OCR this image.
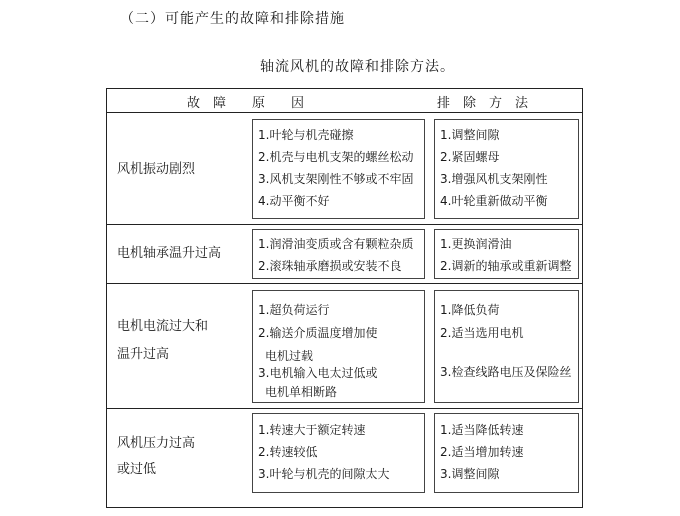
（二）可能产生的故障和排除措施
轴流风机的故障和排除方法。
故　障　　原　　因	排　除　方　法
风机振动剧烈
1.叶轮与机壳碰擦
2.机壳与电机支架的螺丝松动
3.风机支架刚性不够或不牢固
4.动平衡不好
1.调整间隙
2.紧固螺母
3.增强风机支架刚性
4.叶轮重新做动平衡
电机轴承温升过高
1.润滑油变质或含有颗粒杂质
2.滚珠轴承磨损或安装不良
1.更换润滑油
2.调新的轴承或重新调整
电机电流过大和
温升过高
1.超负荷运行
2.输送介质温度增加使
电机过载
3.电机输入电太过低或
电机单相断路
1.降低负荷
2.适当选用电机
3.检查线路电压及保险丝
风机压力过高
或过低
1.转速大于额定转速
2.转速较低
3.叶轮与机壳的间隙太大
1.适当降低转速
2.适当增加转速
3.调整间隙
